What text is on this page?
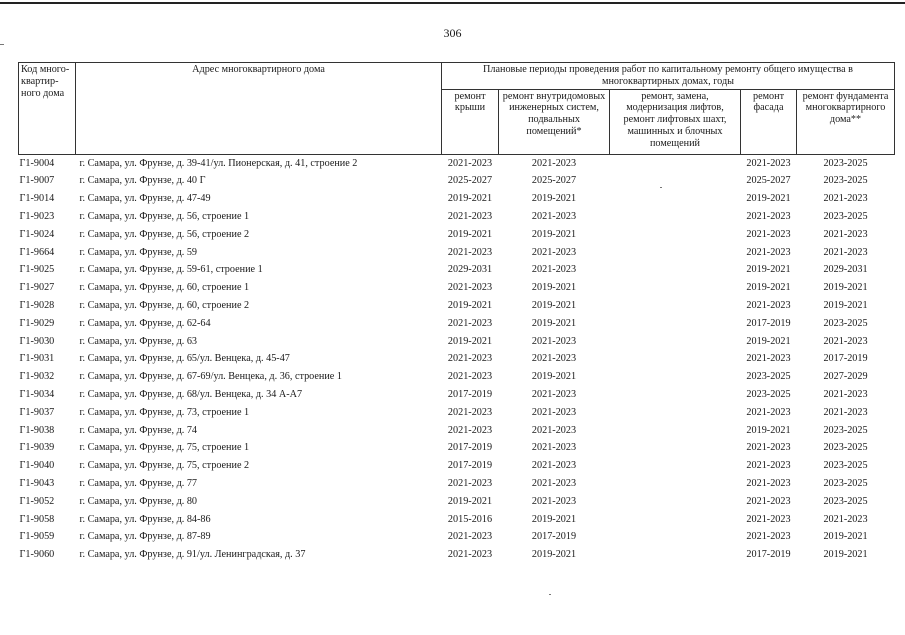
306
Код много-квартир-ного дома	Адрес многоквартирного дома	Плановые периоды проведения работ по капитальному ремонту общего имущества в многоквартирных домах, годы				
		ремонт крыши	ремонт внутридомовых инженерных систем, подвальных помещений*	ремонт, замена, модернизация лифтов, ремонт лифтовых шахт, машинных и блочных помещений	ремонт фасада	ремонт фундамента многоквартирного дома**
Г1-9004	г. Самара, ул. Фрунзе, д. 39-41/ул. Пионерская, д. 41, строение 2	2021-2023	2021-2023		2021-2023	2023-2025
Г1-9007	г. Самара, ул. Фрунзе, д. 40 Г	2025-2027	2025-2027		2025-2027	2023-2025
Г1-9014	г. Самара, ул. Фрунзе, д. 47-49	2019-2021	2019-2021		2019-2021	2021-2023
Г1-9023	г. Самара, ул. Фрунзе, д. 56, строение 1	2021-2023	2021-2023		2021-2023	2023-2025
Г1-9024	г. Самара, ул. Фрунзе, д. 56, строение 2	2019-2021	2019-2021		2021-2023	2021-2023
Г1-9664	г. Самара, ул. Фрунзе, д. 59	2021-2023	2021-2023		2021-2023	2021-2023
Г1-9025	г. Самара, ул. Фрунзе, д. 59-61, строение 1	2029-2031	2021-2023		2019-2021	2029-2031
Г1-9027	г. Самара, ул. Фрунзе, д. 60, строение 1	2021-2023	2019-2021		2019-2021	2019-2021
Г1-9028	г. Самара, ул. Фрунзе, д. 60, строение 2	2019-2021	2019-2021		2021-2023	2019-2021
Г1-9029	г. Самара, ул. Фрунзе, д. 62-64	2021-2023	2019-2021		2017-2019	2023-2025
Г1-9030	г. Самара, ул. Фрунзе, д. 63	2019-2021	2021-2023		2019-2021	2021-2023
Г1-9031	г. Самара, ул. Фрунзе, д. 65/ул. Венцека, д. 45-47	2021-2023	2021-2023		2021-2023	2017-2019
Г1-9032	г. Самара, ул. Фрунзе, д. 67-69/ул. Венцека, д. 36, строение 1	2021-2023	2019-2021		2023-2025	2027-2029
Г1-9034	г. Самара, ул. Фрунзе, д. 68/ул. Венцека, д. 34 А-А7	2017-2019	2021-2023		2023-2025	2021-2023
Г1-9037	г. Самара, ул. Фрунзе, д. 73, строение 1	2021-2023	2021-2023		2021-2023	2021-2023
Г1-9038	г. Самара, ул. Фрунзе, д. 74	2021-2023	2021-2023		2019-2021	2023-2025
Г1-9039	г. Самара, ул. Фрунзе, д. 75, строение 1	2017-2019	2021-2023		2021-2023	2023-2025
Г1-9040	г. Самара, ул. Фрунзе, д. 75, строение 2	2017-2019	2021-2023		2021-2023	2023-2025
Г1-9043	г. Самара, ул. Фрунзе, д. 77	2021-2023	2021-2023		2021-2023	2023-2025
Г1-9052	г. Самара, ул. Фрунзе, д. 80	2019-2021	2021-2023		2021-2023	2023-2025
Г1-9058	г. Самара, ул. Фрунзе, д. 84-86	2015-2016	2019-2021		2021-2023	2021-2023
Г1-9059	г. Самара, ул. Фрунзе, д. 87-89	2021-2023	2017-2019		2021-2023	2019-2021
Г1-9060	г. Самара, ул. Фрунзе, д. 91/ул. Ленинградская, д. 37	2021-2023	2019-2021		2017-2019	2019-2021
